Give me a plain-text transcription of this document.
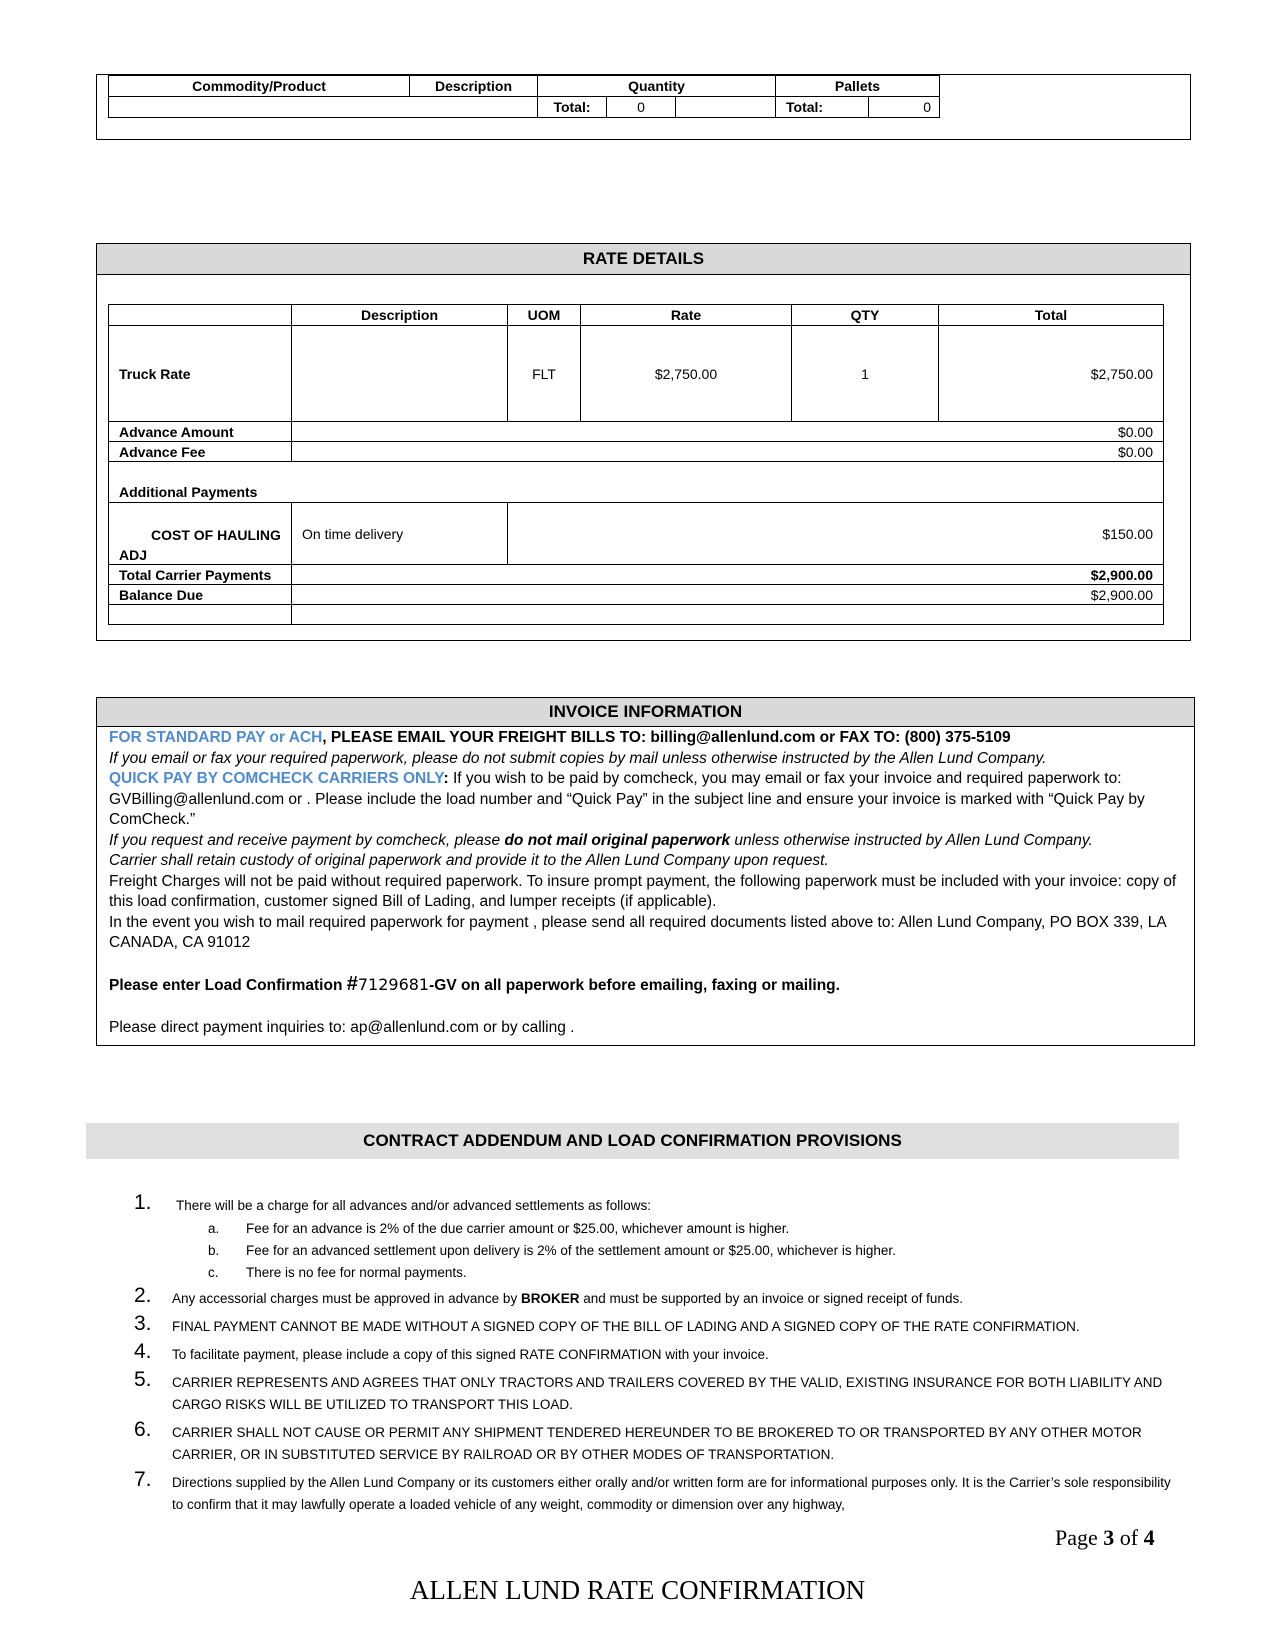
Commodity/Product	Description	Quantity			Pallets	
		Total:	0		Total:	0
RATE DETAILS
	Description	UOM	Rate	QTY	Total
Truck Rate		FLT	$2,750.00	1	$2,750.00
Advance Amount	$0.00				
Advance Fee	$0.00				
Additional Payments					

COST OF HAULING
ADJ	On time delivery	$150.00			
Total Carrier Payments	$2,900.00				
Balance Due	$2,900.00				

INVOICE INFORMATION
FOR STANDARD PAY or ACH, PLEASE EMAIL YOUR FREIGHT BILLS TO: billing@allenlund.com or FAX TO: (800) 375-5109
If you email or fax your required paperwork, please do not submit copies by mail unless otherwise instructed by the Allen Lund Company.
QUICK PAY BY COMCHECK CARRIERS ONLY: If you wish to be paid by comcheck, you may email or fax your invoice and required paperwork to: GVBilling@allenlund.com or . Please include the load number and “Quick Pay” in the subject line and ensure your invoice is marked with “Quick Pay by ComCheck.”
If you request and receive payment by comcheck, please do not mail original paperwork unless otherwise instructed by Allen Lund Company.
Carrier shall retain custody of original paperwork and provide it to the Allen Lund Company upon request.
Freight Charges will not be paid without required paperwork. To insure prompt payment, the following paperwork must be included with your invoice: copy of this load confirmation, customer signed Bill of Lading, and lumper receipts (if applicable).
In the event you wish to mail required paperwork for payment , please send all required documents listed above to: Allen Lund Company, PO BOX 339, LA CANADA, CA 91012
Please enter Load Confirmation #7129681-GV on all paperwork before emailing, faxing or mailing.
Please direct payment inquiries to: ap@allenlund.com or by calling .
CONTRACT ADDENDUM AND LOAD CONFIRMATION PROVISIONS
1. There will be a charge for all advances and/or advanced settlements as follows:
a. Fee for an advance is 2% of the due carrier amount or $25.00, whichever amount is higher.
b. Fee for an advanced settlement upon delivery is 2% of the settlement amount or $25.00, whichever is higher.
c. There is no fee for normal payments.
2. Any accessorial charges must be approved in advance by BROKER and must be supported by an invoice or signed receipt of funds.
3. FINAL PAYMENT CANNOT BE MADE WITHOUT A SIGNED COPY OF THE BILL OF LADING AND A SIGNED COPY OF THE RATE CONFIRMATION.
4. To facilitate payment, please include a copy of this signed RATE CONFIRMATION with your invoice.
5. CARRIER REPRESENTS AND AGREES THAT ONLY TRACTORS AND TRAILERS COVERED BY THE VALID, EXISTING INSURANCE FOR BOTH LIABILITY AND CARGO RISKS WILL BE UTILIZED TO TRANSPORT THIS LOAD.
6. CARRIER SHALL NOT CAUSE OR PERMIT ANY SHIPMENT TENDERED HEREUNDER TO BE BROKERED TO OR TRANSPORTED BY ANY OTHER MOTOR CARRIER, OR IN SUBSTITUTED SERVICE BY RAILROAD OR BY OTHER MODES OF TRANSPORTATION.
7. Directions supplied by the Allen Lund Company or its customers either orally and/or written form are for informational purposes only. It is the Carrier’s sole responsibility to confirm that it may lawfully operate a loaded vehicle of any weight, commodity or dimension over any highway,
Page 3 of 4
ALLEN LUND RATE CONFIRMATION
